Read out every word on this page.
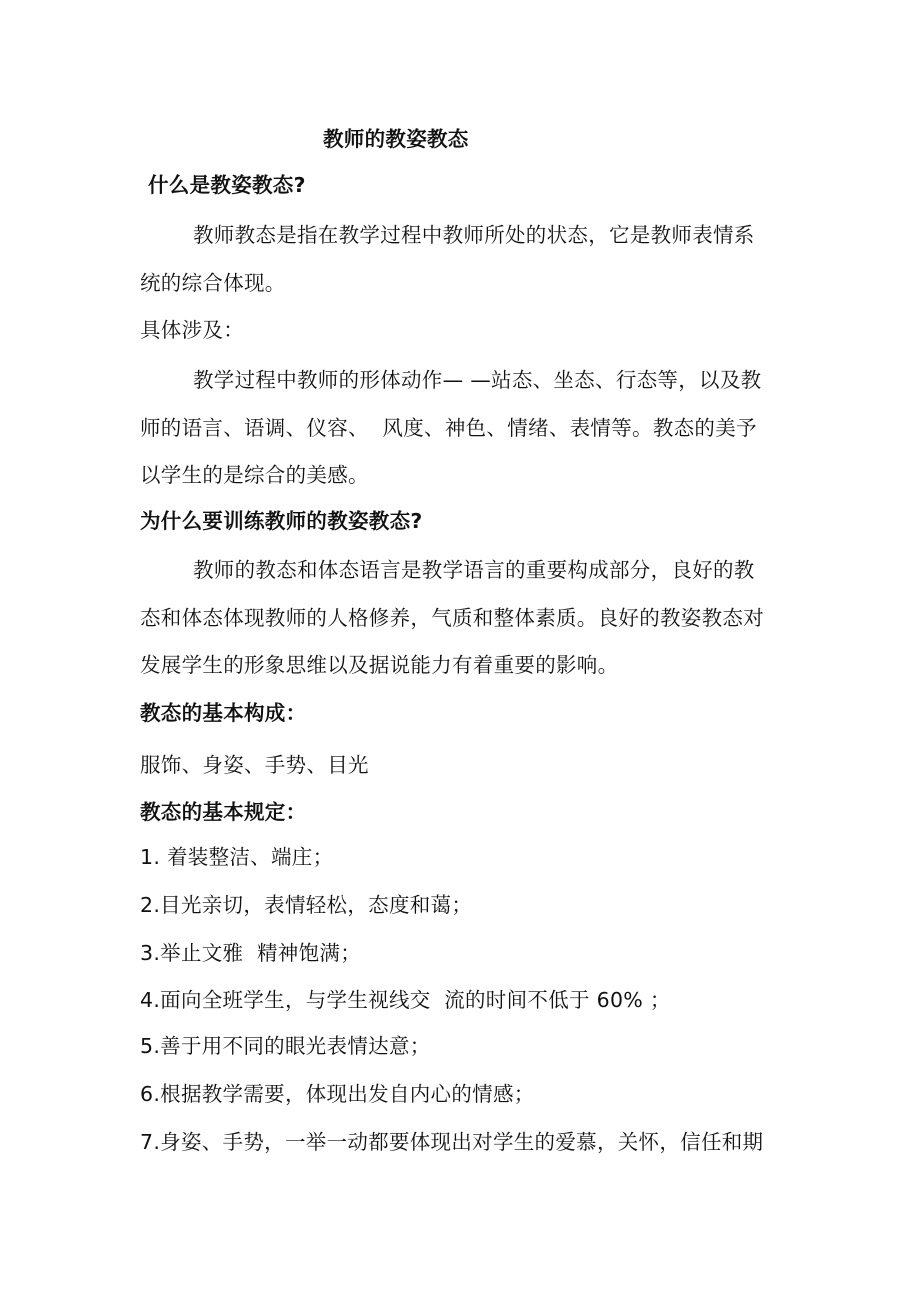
教师的教姿教态
什么是教姿教态?
教师教态是指在教学过程中教师所处的状态，它是教师表情系
统的综合体现。
具体涉及：
教学过程中教师的形体动作— —站态、坐态、行态等，以及教
师的语言、语调、仪容、  风度、神色、情绪、表情等。教态的美予
以学生的是综合的美感。
为什么要训练教师的教姿教态?
教师的教态和体态语言是教学语言的重要构成部分，良好的教
态和体态体现教师的人格修养，气质和整体素质。良好的教姿教态对
发展学生的形象思维以及据说能力有着重要的影响。
教态的基本构成：
服饰、身姿、手势、目光
教态的基本规定：
1. 着装整洁、端庄；
2.目光亲切，表情轻松，态度和蔼；
3.举止文雅  精神饱满；
4.面向全班学生，与学生视线交  流的时间不低于 60% ；
5.善于用不同的眼光表情达意；
6.根据教学需要，体现出发自内心的情感；
7.身姿、手势，一举一动都要体现出对学生的爱慕，关怀，信任和期
